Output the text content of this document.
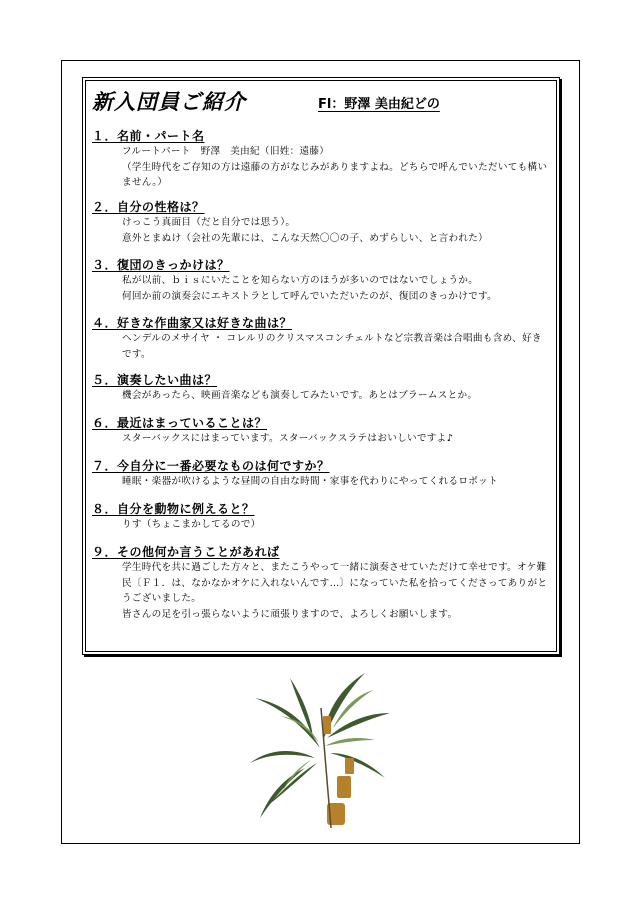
新入団員ご紹介	Fl：野澤 美由紀どの
１．名前・パート名
フルートパート　野澤　美由紀（旧姓：遠藤）
（学生時代をご存知の方は遠藤の方がなじみがありますよね。どちらで呼んでいただいても構いません。）
２．自分の性格は？
けっこう真面目（だと自分では思う）。
意外とまぬけ（会社の先輩には、こんな天然〇〇の子、めずらしい、と言われた）
３．復団のきっかけは？
私が以前、ｂｉｓにいたことを知らない方のほうが多いのではないでしょうか。
何回か前の演奏会にエキストラとして呼んでいただいたのが、復団のきっかけです。
４．好きな作曲家又は好きな曲は？
ヘンデルのメサイヤ ・ コレルリのクリスマスコンチェルトなど宗教音楽は合唱曲も含め、好きです。
５．演奏したい曲は？
機会があったら、映画音楽なども演奏してみたいです。あとはブラームスとか。
６．最近はまっていることは？
スターバックスにはまっています。スターバックスラテはおいしいですよ♪
７．今自分に一番必要なものは何ですか？
睡眠・楽器が吹けるような昼間の自由な時間・家事を代わりにやってくれるロボット
８．自分を動物に例えると？
りす（ちょこまかしてるので）
９．その他何か言うことがあれば
学生時代を共に過ごした方々と、またこうやって一緒に演奏させていただけて幸せです。オケ難民〔Ｆ１．は、なかなかオケに入れないんです…〕になっていた私を拾ってくださってありがとうございました。
皆さんの足を引っ張らないように頑張りますので、よろしくお願いします。
